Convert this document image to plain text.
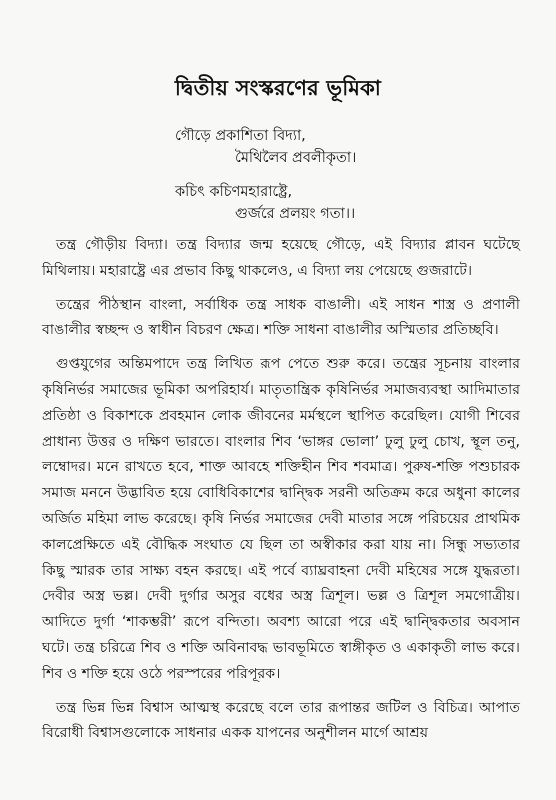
দ্বিতীয় সংস্করণের ভূমিকা
গৌড়ে প্রকাশিতা বিদ্যা,
মৈথিলৈব প্রবলীকৃতা।
কচিৎ কচিণমহারাষ্ট্রে,
গুর্জরে প্রলয়ং গতা।।

তন্ত্র গৌড়ীয় বিদ্যা। তন্ত্র বিদ্যার জন্ম হয়েছে গৌড়ে, এই বিদ্যার প্লাবন ঘটেছে মিথিলায়। মহারাষ্ট্রে এর প্রভাব কিছু থাকলেও, এ বিদ্যা লয় পেয়েছে গুজরাটে।

তন্ত্রের পীঠস্থান বাংলা, সর্বাধিক তন্ত্র সাধক বাঙালী। এই সাধন শাস্ত্র ও প্রণালী বাঙালীর স্বচ্ছন্দ ও স্বাধীন বিচরণ ক্ষেত্র। শক্তি সাধনা বাঙালীর অস্মিতার প্রতিচ্ছবি।

গুপ্তযুগের অন্তিমপাদে তন্ত্র লিখিত রূপ পেতে শুরু করে। তন্ত্রের সূচনায় বাংলার কৃষিনির্ভর সমাজের ভূমিকা অপরিহার্য। মাতৃতান্ত্রিক কৃষিনির্ভর সমাজব্যবস্থা আদিমাতার প্রতিষ্ঠা ও বিকাশকে প্রবহমান লোক জীবনের মর্মস্থলে স্থাপিত করেছিল। যোগী শিবের প্রাধান্য উত্তর ও দক্ষিণ ভারতে। বাংলার শিব ‘ভাঙ্গর ভোলা’ ঢুলু ঢুলু চোখ, স্থূল তনু, লম্বোদর। মনে রাখতে হবে, শাক্ত আবহে শক্তিহীন শিব শবমাত্র। পুরুষ-শক্তি পশুচারক সমাজ মননে উদ্ভাবিত হয়ে বোধিবিকাশের দ্বান্দ্বিক সরনী অতিক্রম করে অধুনা কালের অর্জিত মহিমা লাভ করেছে। কৃষি নির্ভর সমাজের দেবী মাতার সঙ্গে পরিচয়ের প্রাথমিক কালপ্রেক্ষিতে এই বৌদ্ধিক সংঘাত যে ছিল তা অস্বীকার করা যায় না। সিন্ধু সভ্যতার কিছু স্মারক তার সাক্ষ্য বহন করছে। এই পর্বে ব্যাঘ্রবাহনা দেবী মহিষের সঙ্গে যুদ্ধরতা। দেবীর অস্ত্র ভল্ল। দেবী দুর্গার অসুর বধের অস্ত্র ত্রিশূল। ভল্ল ও ত্রিশূল সমগোত্রীয়। আদিতে দুর্গা ‘শাকম্ভরী’ রূপে বন্দিতা। অবশ্য আরো পরে এই দ্বান্দ্বিকতার অবসান ঘটে। তন্ত্র চরিত্রে শিব ও শক্তি অবিনাবদ্ধ ভাবভূমিতে স্বাঙ্গীকৃত ও একাকৃতী লাভ করে। শিব ও শক্তি হয়ে ওঠে পরস্পরের পরিপূরক।

তন্ত্র ভিন্ন ভিন্ন বিশ্বাস আত্মস্থ করেছে বলে তার রূপান্তর জটিল ও বিচিত্র। আপাত বিরোধী বিশ্বাসগুলোকে সাধনার একক যাপনের অনুশীলন মার্গে আশ্রয়
